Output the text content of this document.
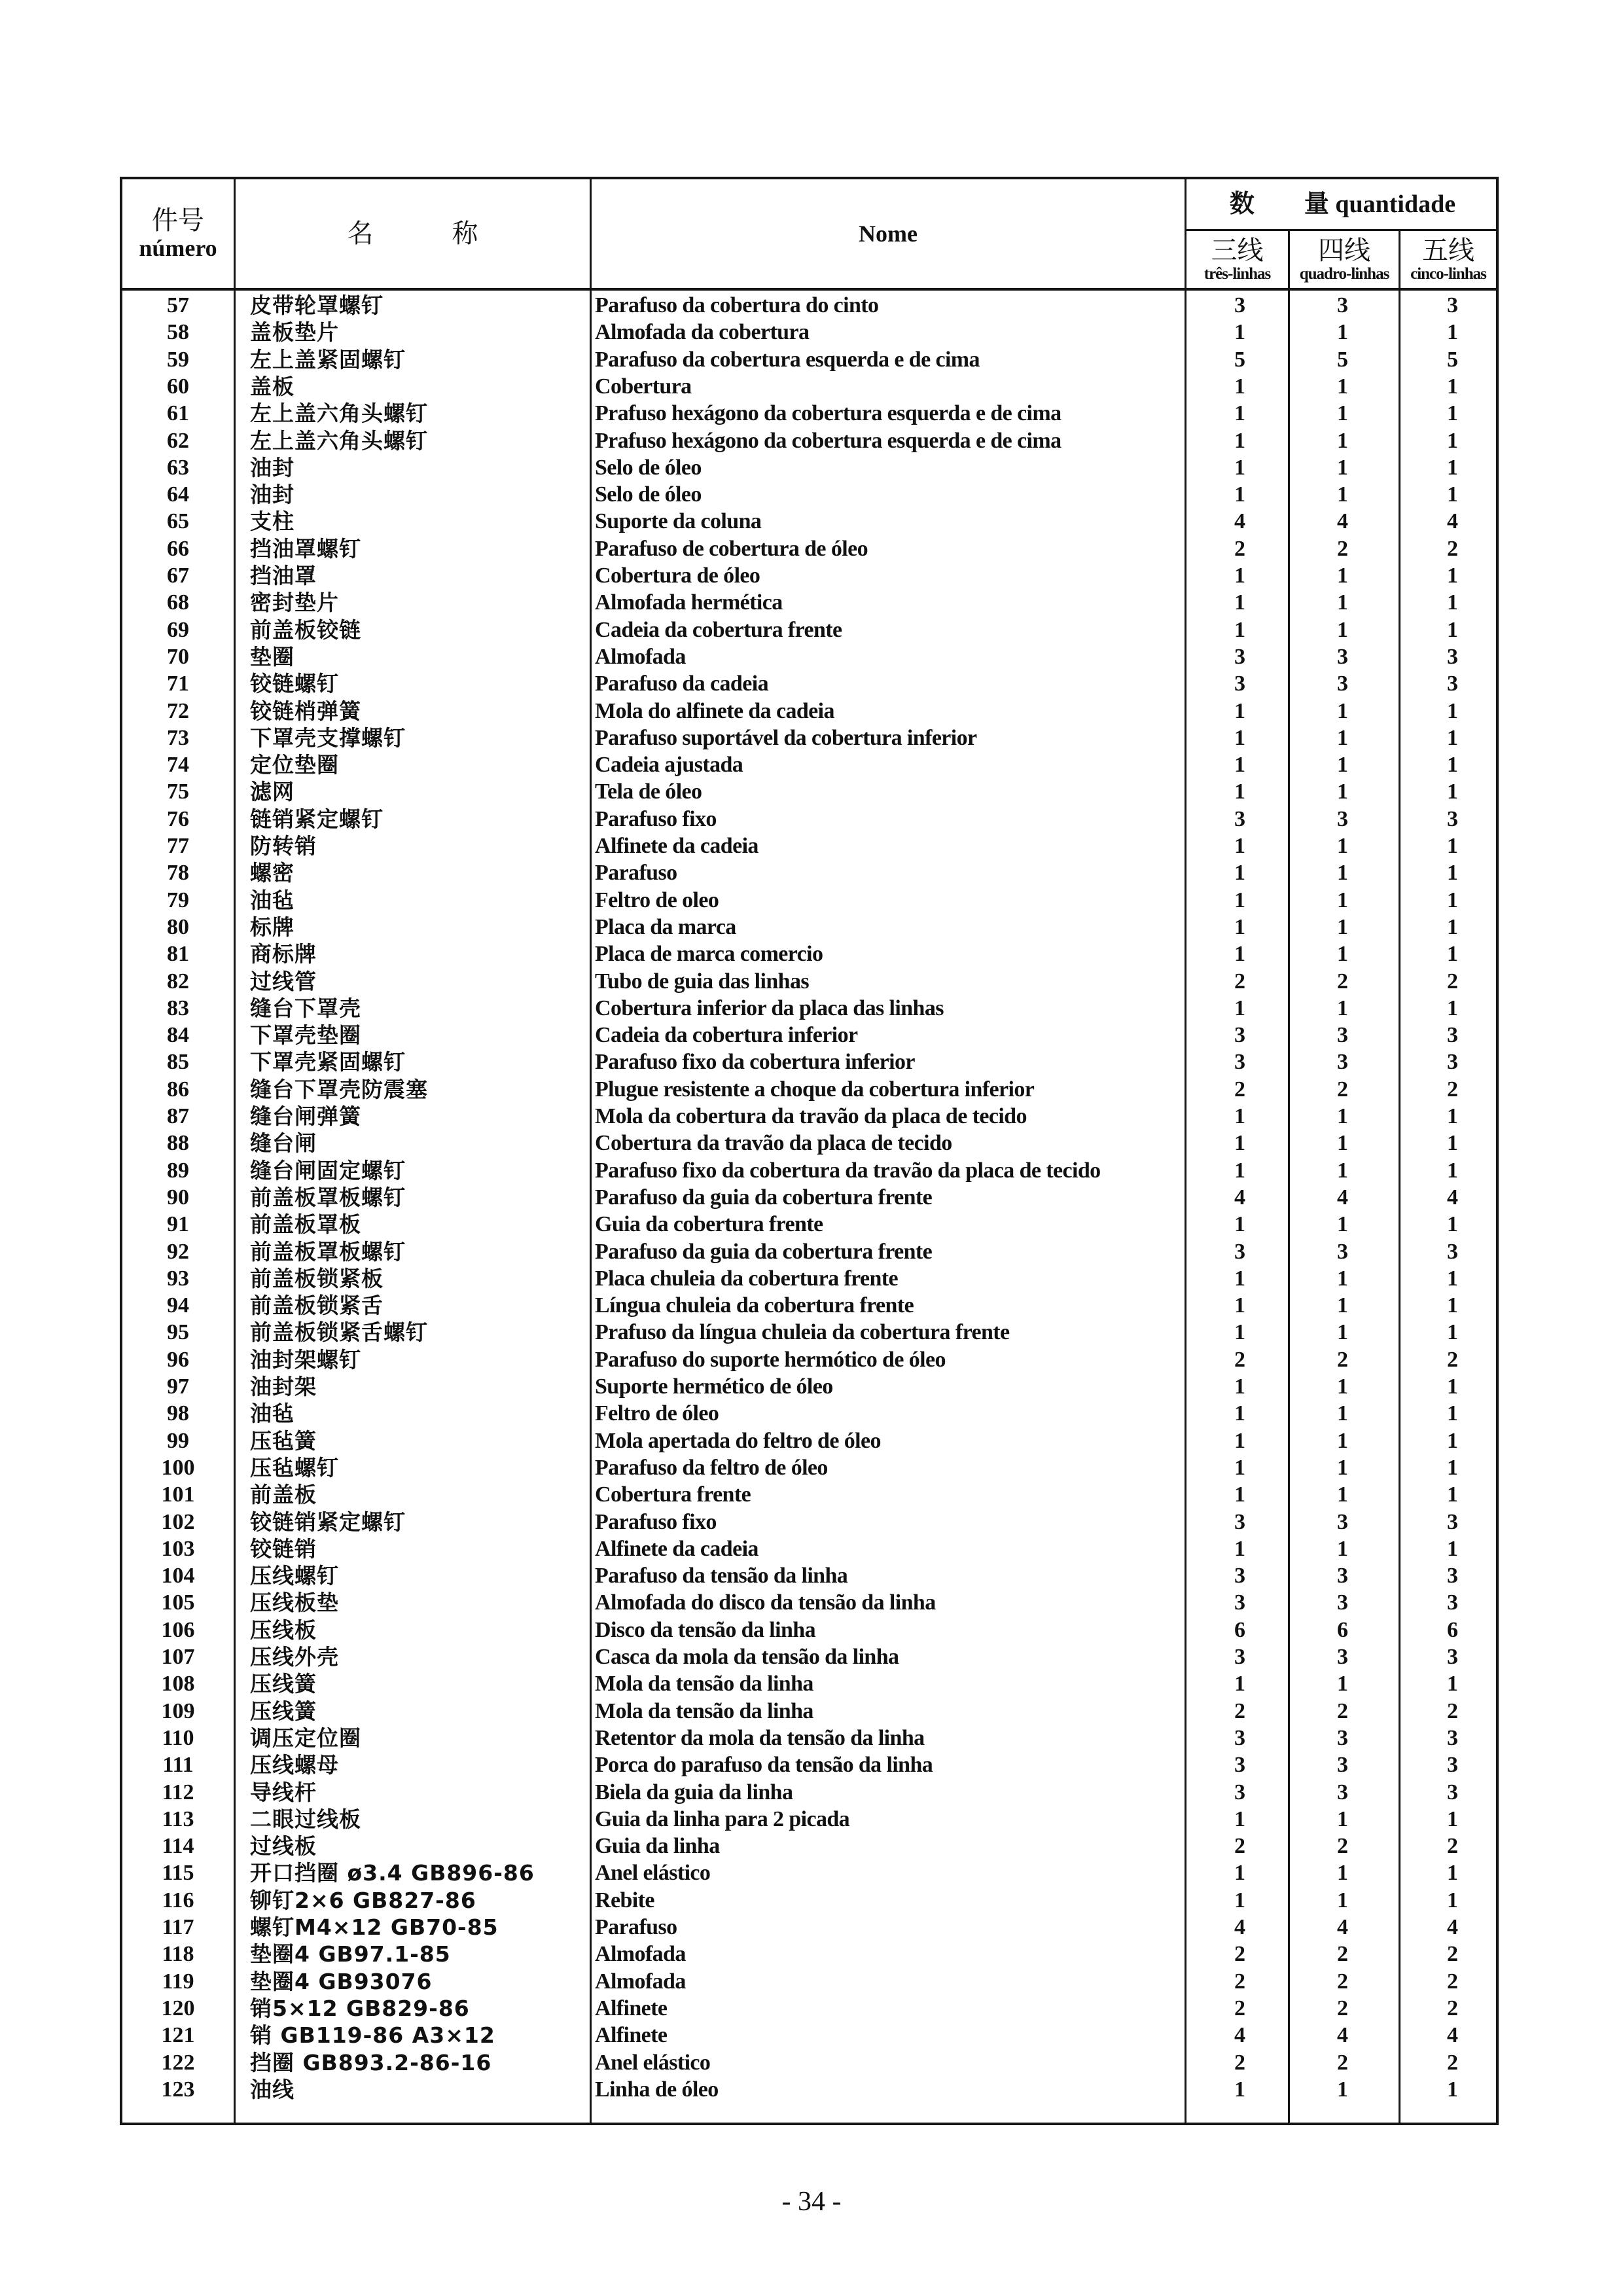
件号
número	名　　　称	Nome
数　　量 quantidade
三线
três-linhas
四线
quadro-linhas
五线
cinco-linhas
57	皮带轮罩螺钉	Parafuso da cobertura do cinto	3	3	3
58	盖板垫片	Almofada da cobertura	1	1	1
59	左上盖紧固螺钉	Parafuso da cobertura esquerda e de cima	5	5	5
60	盖板	Cobertura	1	1	1
61	左上盖六角头螺钉	Prafuso hexágono da cobertura esquerda e de cima	1	1	1
62	左上盖六角头螺钉	Prafuso hexágono da cobertura esquerda e de cima	1	1	1
63	油封	Selo de óleo	1	1	1
64	油封	Selo de óleo	1	1	1
65	支柱	Suporte da coluna	4	4	4
66	挡油罩螺钉	Parafuso de cobertura de óleo	2	2	2
67	挡油罩	Cobertura de óleo	1	1	1
68	密封垫片	Almofada hermética	1	1	1
69	前盖板铰链	Cadeia da cobertura frente	1	1	1
70	垫圈	Almofada	3	3	3
71	铰链螺钉	Parafuso da cadeia	3	3	3
72	铰链梢弹簧	Mola do alfinete da cadeia	1	1	1
73	下罩壳支撑螺钉	Parafuso suportável da cobertura inferior	1	1	1
74	定位垫圈	Cadeia ajustada	1	1	1
75	滤网	Tela de óleo	1	1	1
76	链销紧定螺钉	Parafuso fixo	3	3	3
77	防转销	Alfinete da cadeia	1	1	1
78	螺密	Parafuso	1	1	1
79	油毡	Feltro de oleo	1	1	1
80	标牌	Placa da marca	1	1	1
81	商标牌	Placa de marca comercio	1	1	1
82	过线管	Tubo de guia das linhas	2	2	2
83	缝台下罩壳	Cobertura inferior da placa das linhas	1	1	1
84	下罩壳垫圈	Cadeia da cobertura inferior	3	3	3
85	下罩壳紧固螺钉	Parafuso fixo da cobertura inferior	3	3	3
86	缝台下罩壳防震塞	Plugue resistente a choque da cobertura inferior	2	2	2
87	缝台闸弹簧	Mola da cobertura da travão da placa de tecido	1	1	1
88	缝台闸	Cobertura da travão da placa de tecido	1	1	1
89	缝台闸固定螺钉	Parafuso fixo da cobertura da travão da placa de tecido	1	1	1
90	前盖板罩板螺钉	Parafuso da guia da cobertura frente	4	4	4
91	前盖板罩板	Guia da cobertura frente	1	1	1
92	前盖板罩板螺钉	Parafuso da guia da cobertura frente	3	3	3
93	前盖板锁紧板	Placa chuleia da cobertura frente	1	1	1
94	前盖板锁紧舌	Língua chuleia da cobertura frente	1	1	1
95	前盖板锁紧舌螺钉	Prafuso da língua chuleia da cobertura frente	1	1	1
96	油封架螺钉	Parafuso do suporte hermótico de óleo	2	2	2
97	油封架	Suporte hermético de óleo	1	1	1
98	油毡	Feltro de óleo	1	1	1
99	压毡簧	Mola apertada do feltro de óleo	1	1	1
100	压毡螺钉	Parafuso da feltro de óleo	1	1	1
101	前盖板	Cobertura frente	1	1	1
102	铰链销紧定螺钉	Parafuso fixo	3	3	3
103	铰链销	Alfinete da cadeia	1	1	1
104	压线螺钉	Parafuso da tensão da linha	3	3	3
105	压线板垫	Almofada do disco da tensão da linha	3	3	3
106	压线板	Disco da tensão da linha	6	6	6
107	压线外壳	Casca da mola da tensão da linha	3	3	3
108	压线簧	Mola da tensão da linha	1	1	1
109	压线簧	Mola da tensão da linha	2	2	2
110	调压定位圈	Retentor da mola da tensão da linha	3	3	3
111	压线螺母	Porca do parafuso da tensão da linha	3	3	3
112	导线杆	Biela da guia da linha	3	3	3
113	二眼过线板	Guia da linha para 2 picada	1	1	1
114	过线板	Guia da linha	2	2	2
115	开口挡圈 ø3.4 GB896-86	Anel elástico	1	1	1
116	铆钉2×6 GB827-86	Rebite	1	1	1
117	螺钉M4×12 GB70-85	Parafuso	4	4	4
118	垫圈4 GB97.1-85	Almofada	2	2	2
119	垫圈4 GB93076	Almofada	2	2	2
120	销5×12 GB829-86	Alfinete	2	2	2
121	销 GB119-86 A3×12	Alfinete	4	4	4
122	挡圈 GB893.2-86-16	Anel elástico	2	2	2
123	油线	Linha de óleo	1	1	1
- 34 -
